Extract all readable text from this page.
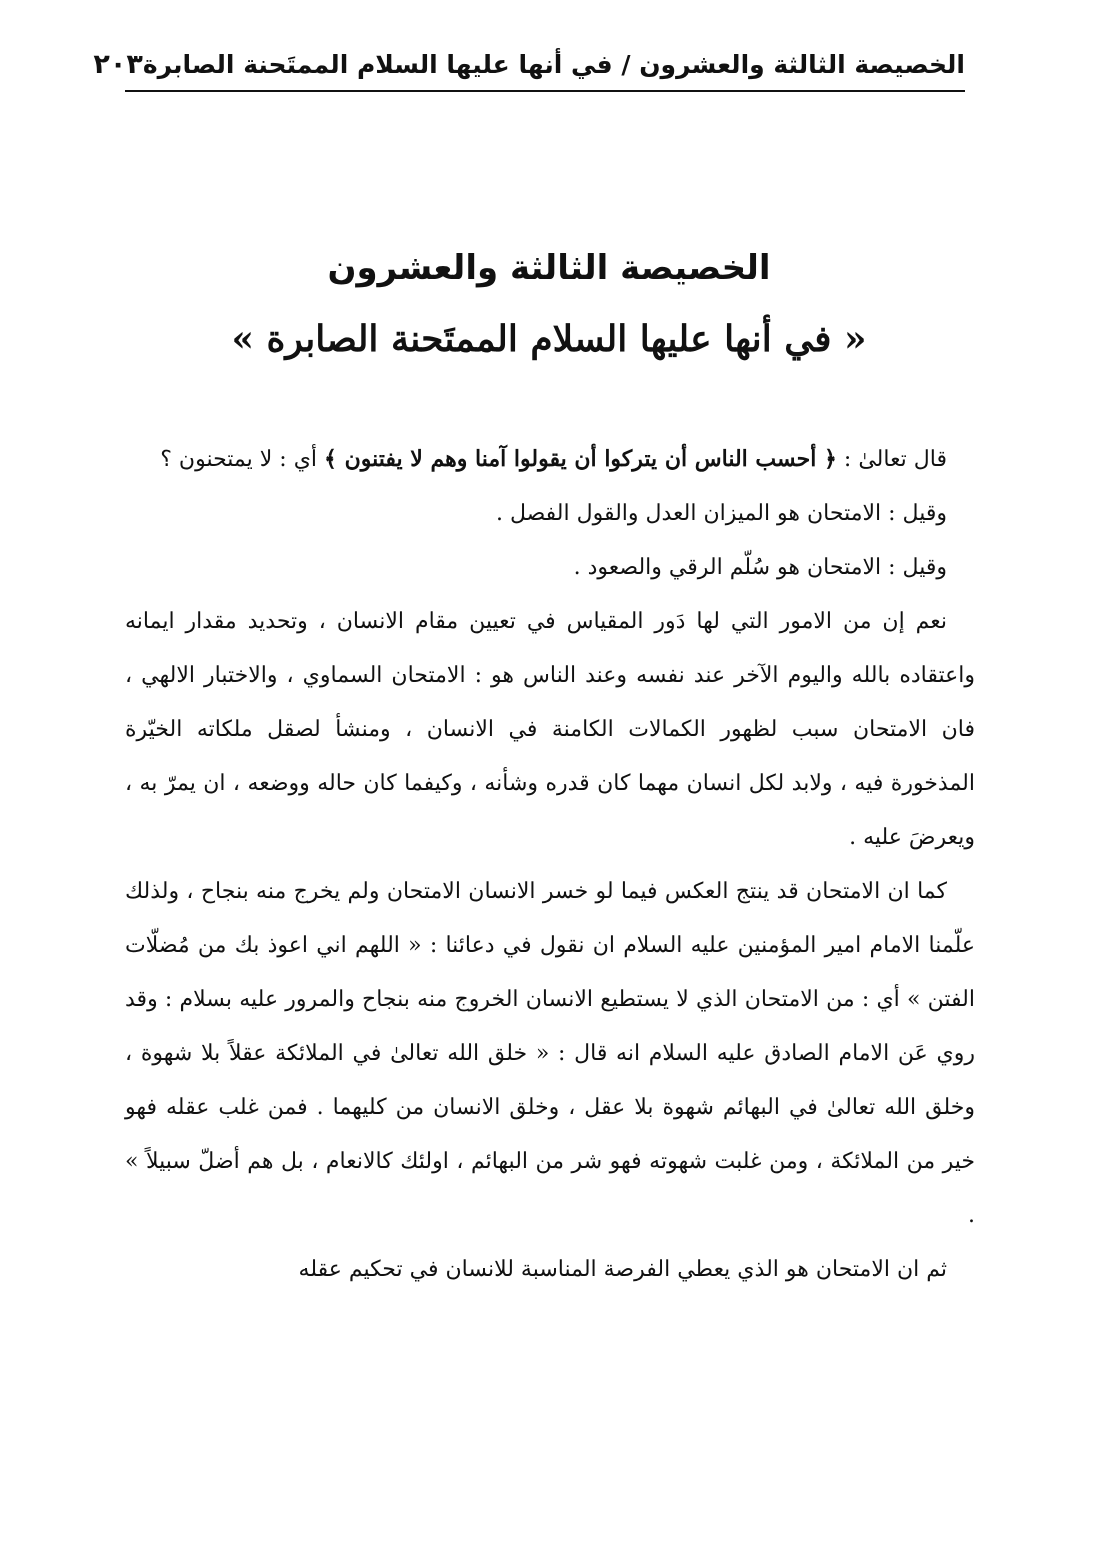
الخصيصة الثالثة والعشرون / في أنها عليها السلام الممتَحنة الصابرة
٢٠٣
الخصيصة الثالثة والعشرون
« في أنها عليها السلام الممتَحنة الصابرة »

قال تعالىٰ : ﴿ أحسب الناس أن يتركوا أن يقولوا آمنا وهم لا يفتنون ﴾ أي : لا يمتحنون ؟

وقيل : الامتحان هو الميزان العدل والقول الفصل .

وقيل : الامتحان هو سُلّم الرقي والصعود .

نعم إن من الامور التي لها دَور المقياس في تعيين مقام الانسان ، وتحديد مقدار ايمانه واعتقاده بالله واليوم الآخر عند نفسه وعند الناس هو : الامتحان السماوي ، والاختبار الالهي ، فان الامتحان سبب لظهور الكمالات الكامنة في الانسان ، ومنشأ لصقل ملكاته الخيّرة المذخورة فيه ، ولابد لكل انسان مهما كان قدره وشأنه ، وكيفما كان حاله ووضعه ، ان يمرّ به ، ويعرضَ عليه .

كما ان الامتحان قد ينتج العكس فيما لو خسر الانسان الامتحان ولم يخرج منه بنجاح ، ولذلك علّمنا الامام امير المؤمنين عليه السلام ان نقول في دعائنا : « اللهم اني اعوذ بك من مُضلّات الفتن » أي : من الامتحان الذي لا يستطيع الانسان الخروج منه بنجاح والمرور عليه بسلام : وقد روي عَن الامام الصادق عليه السلام انه قال : « خلق الله تعالىٰ في الملائكة عقلاً بلا شهوة ، وخلق الله تعالىٰ في البهائم شهوة بلا عقل ، وخلق الانسان من كليهما . فمن غلب عقله فهو خير من الملائكة ، ومن غلبت شهوته فهو شر من البهائم ، اولئك كالانعام ، بل هم أضلّ سبيلاً » .

ثم ان الامتحان هو الذي يعطي الفرصة المناسبة للانسان في تحكيم عقله
